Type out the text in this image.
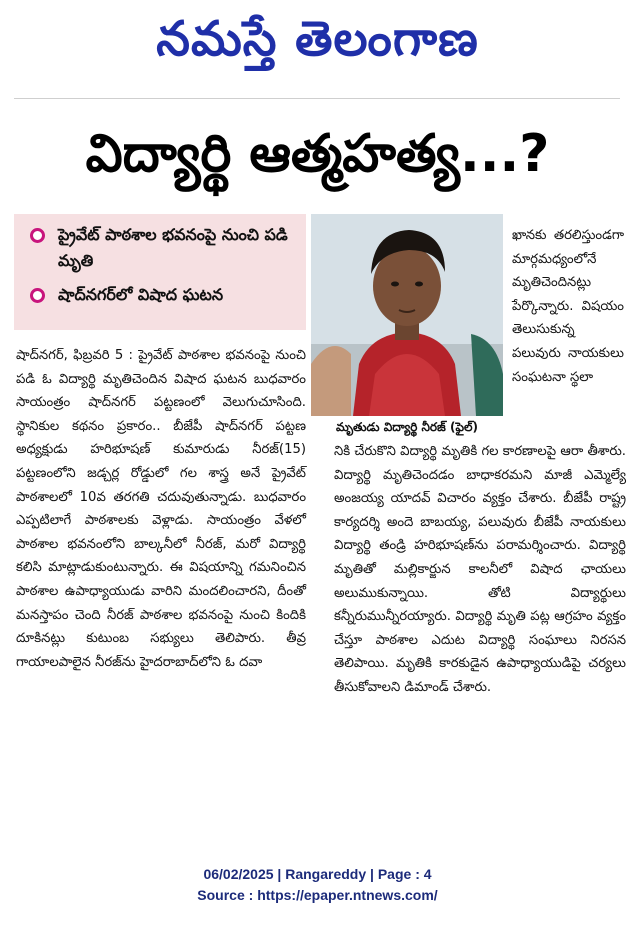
నమస్తే తెలంగాణ
విద్యార్థి ఆత్మహత్య...?
ప్రైవేట్ పాఠశాల భవనంపై నుంచి పడి మృతి
షాద్‌నగర్‌లో విషాద ఘటన
మృతుడు విద్యార్థి నీరజ్ (ఫైల్)
షాద్‌నగర్, ఫిబ్రవరి 5 : ప్రైవేట్ పాఠశాల భవనంపై నుంచి పడి ఓ విద్యార్థి మృతిచెందిన విషాద ఘటన బుధవారం సాయంత్రం షాద్‌నగర్ పట్టణంలో వెలుగుచూసింది. స్థానికుల కథనం ప్రకారం.. బీజేపీ షాద్‌నగర్ పట్టణ అధ్యక్షుడు హరిభూషణ్ కుమారుడు నీరజ్(15) పట్టణంలోని జడ్చర్ల రోడ్డులో గల శాస్త్ర అనే ప్రైవేట్ పాఠశాలలో 10వ తరగతి చదువుతున్నాడు. బుధవారం ఎప్పటిలాగే పాఠశాలకు వెళ్లాడు. సాయంత్రం వేళలో పాఠశాల భవనంలోని బాల్కనీలో నీరజ్, మరో విద్యార్థి కలిసి మాట్లాడుకుంటున్నారు. ఈ విషయాన్ని గమనించిన పాఠశాల ఉపాధ్యాయుడు వారిని మందలించారని, దీంతో మనస్తాపం చెంది నీరజ్ పాఠశాల భవనంపై నుంచి కిందికి దూకినట్లు కుటుంబ సభ్యులు తెలిపారు. తీవ్ర గాయాలపాలైన నీరజ్‌ను హైదరాబాద్‌లోని ఓ దవా
ఖానకు తరలిస్తుండగా మార్గమధ్యంలోనే మృతిచెందినట్లు పేర్కొన్నారు. విషయం తెలుసుకున్న పలువురు నాయకులు సంఘటనా స్థలా
నికి చేరుకొని విద్యార్థి మృతికి గల కారణాలపై ఆరా తీశారు. విద్యార్థి మృతిచెందడం బాధాకరమని మాజీ ఎమ్మెల్యే అంజయ్య యాదవ్ విచారం వ్యక్తం చేశారు. బీజేపీ రాష్ట్ర కార్యదర్శి అందె బాబయ్య, పలువురు బీజేపీ నాయకులు విద్యార్థి తండ్రి హరిభూషణ్‌ను పరామర్శించారు. విద్యార్థి మృతితో మల్లికార్జున కాలనీలో విషాద ఛాయలు అలుముకున్నాయి. తోటి విద్యార్థులు కన్నీరుమున్నీరయ్యారు. విద్యార్థి మృతి పట్ల ఆగ్రహం వ్యక్తం చేస్తూ పాఠశాల ఎదుట విద్యార్థి సంఘాలు నిరసన తెలిపాయి. మృతికి కారకుడైన ఉపాధ్యాయుడిపై చర్యలు తీసుకోవాలని డిమాండ్ చేశారు.
06/02/2025 | Rangareddy | Page : 4
Source : https://epaper.ntnews.com/
